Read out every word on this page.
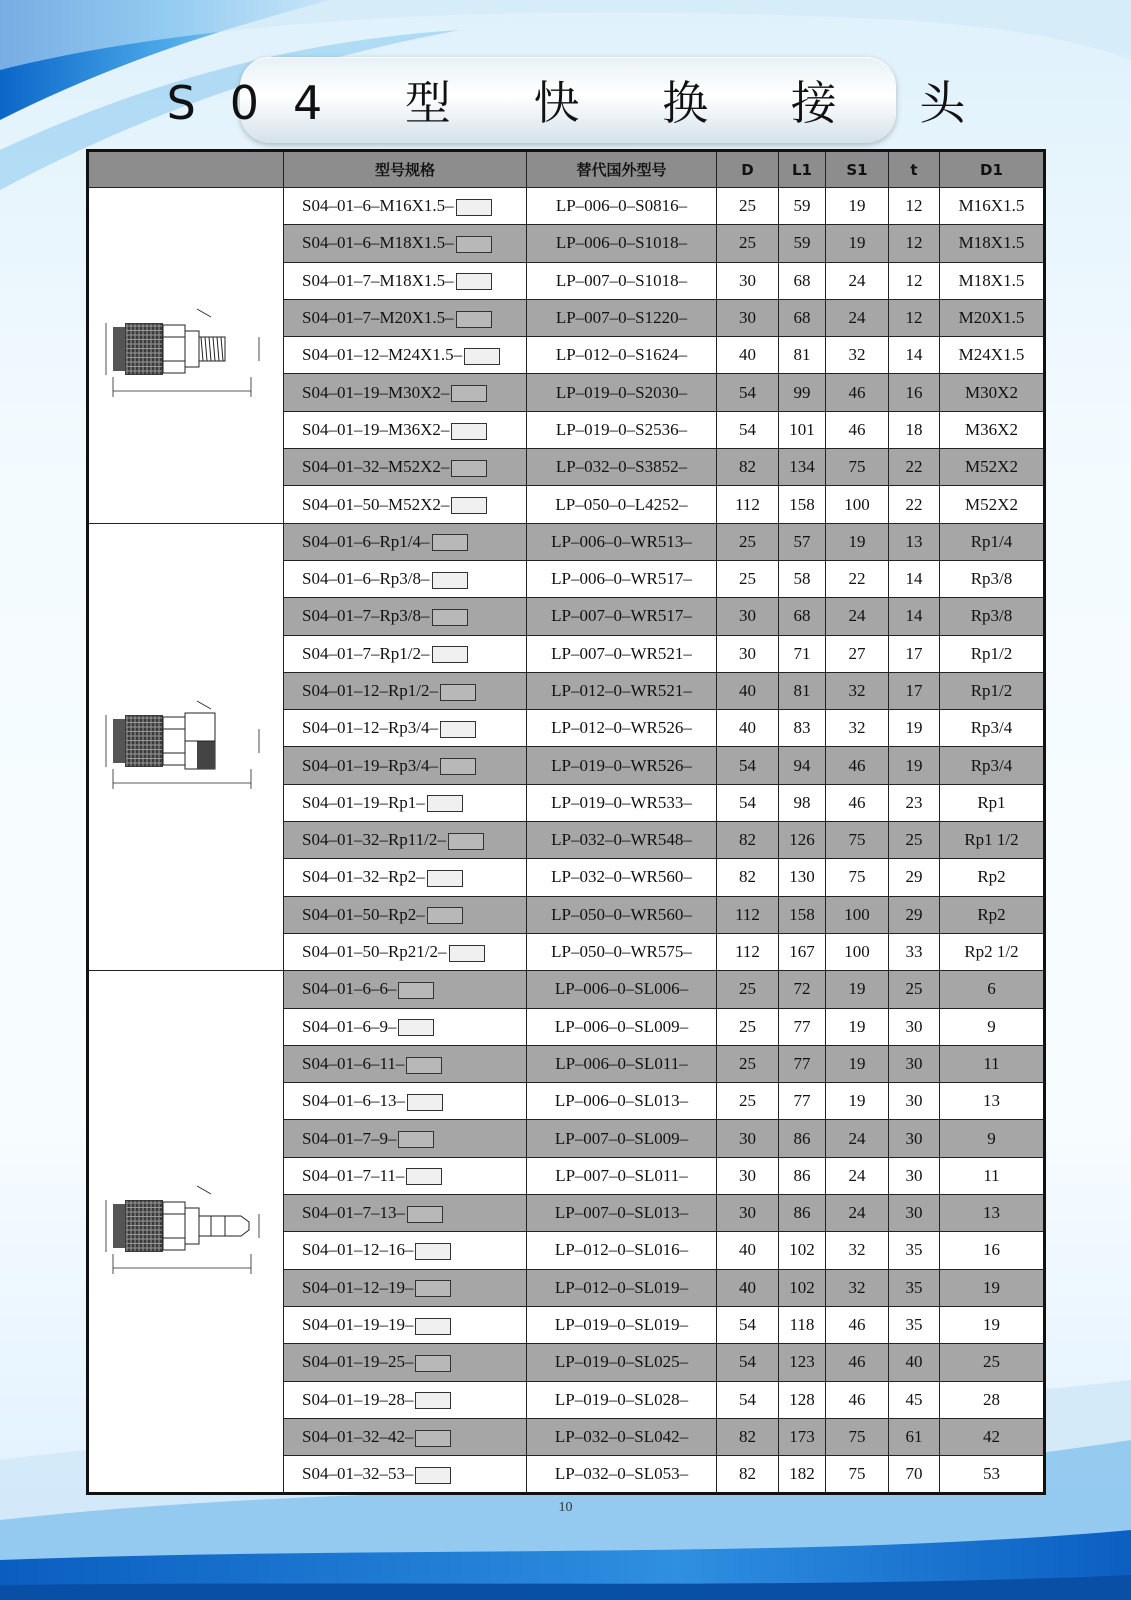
S04 型 快 换 接 头
	型号规格	替代国外型号	D	L1	S1	t	D1

	S04–01–6–M16X1.5–	LP–006–0–S0816–	25	59	19	12	M16X1.5
	S04–01–6–M18X1.5–	LP–006–0–S1018–	25	59	19	12	M18X1.5
	S04–01–7–M18X1.5–	LP–007–0–S1018–	30	68	24	12	M18X1.5
	S04–01–7–M20X1.5–	LP–007–0–S1220–	30	68	24	12	M20X1.5
	S04–01–12–M24X1.5–	LP–012–0–S1624–	40	81	32	14	M24X1.5
	S04–01–19–M30X2–	LP–019–0–S2030–	54	99	46	16	M30X2
	S04–01–19–M36X2–	LP–019–0–S2536–	54	101	46	18	M36X2
	S04–01–32–M52X2–	LP–032–0–S3852–	82	134	75	22	M52X2
	S04–01–50–M52X2–	LP–050–0–L4252–	112	158	100	22	M52X2

	S04–01–6–Rp1/4–	LP–006–0–WR513–	25	57	19	13	Rp1/4
	S04–01–6–Rp3/8–	LP–006–0–WR517–	25	58	22	14	Rp3/8
	S04–01–7–Rp3/8–	LP–007–0–WR517–	30	68	24	14	Rp3/8
	S04–01–7–Rp1/2–	LP–007–0–WR521–	30	71	27	17	Rp1/2
	S04–01–12–Rp1/2–	LP–012–0–WR521–	40	81	32	17	Rp1/2
	S04–01–12–Rp3/4–	LP–012–0–WR526–	40	83	32	19	Rp3/4
	S04–01–19–Rp3/4–	LP–019–0–WR526–	54	94	46	19	Rp3/4
	S04–01–19–Rp1–	LP–019–0–WR533–	54	98	46	23	Rp1
	S04–01–32–Rp11/2–	LP–032–0–WR548–	82	126	75	25	Rp1 1/2
	S04–01–32–Rp2–	LP–032–0–WR560–	82	130	75	29	Rp2
	S04–01–50–Rp2–	LP–050–0–WR560–	112	158	100	29	Rp2
	S04–01–50–Rp21/2–	LP–050–0–WR575–	112	167	100	33	Rp2 1/2

	S04–01–6–6–	LP–006–0–SL006–	25	72	19	25	6
	S04–01–6–9–	LP–006–0–SL009–	25	77	19	30	9
	S04–01–6–11–	LP–006–0–SL011–	25	77	19	30	11
	S04–01–6–13–	LP–006–0–SL013–	25	77	19	30	13
	S04–01–7–9–	LP–007–0–SL009–	30	86	24	30	9
	S04–01–7–11–	LP–007–0–SL011–	30	86	24	30	11
	S04–01–7–13–	LP–007–0–SL013–	30	86	24	30	13
	S04–01–12–16–	LP–012–0–SL016–	40	102	32	35	16
	S04–01–12–19–	LP–012–0–SL019–	40	102	32	35	19
	S04–01–19–19–	LP–019–0–SL019–	54	118	46	35	19
	S04–01–19–25–	LP–019–0–SL025–	54	123	46	40	25
	S04–01–19–28–	LP–019–0–SL028–	54	128	46	45	28
	S04–01–32–42–	LP–032–0–SL042–	82	173	75	61	42
	S04–01–32–53–	LP–032–0–SL053–	82	182	75	70	53
10
